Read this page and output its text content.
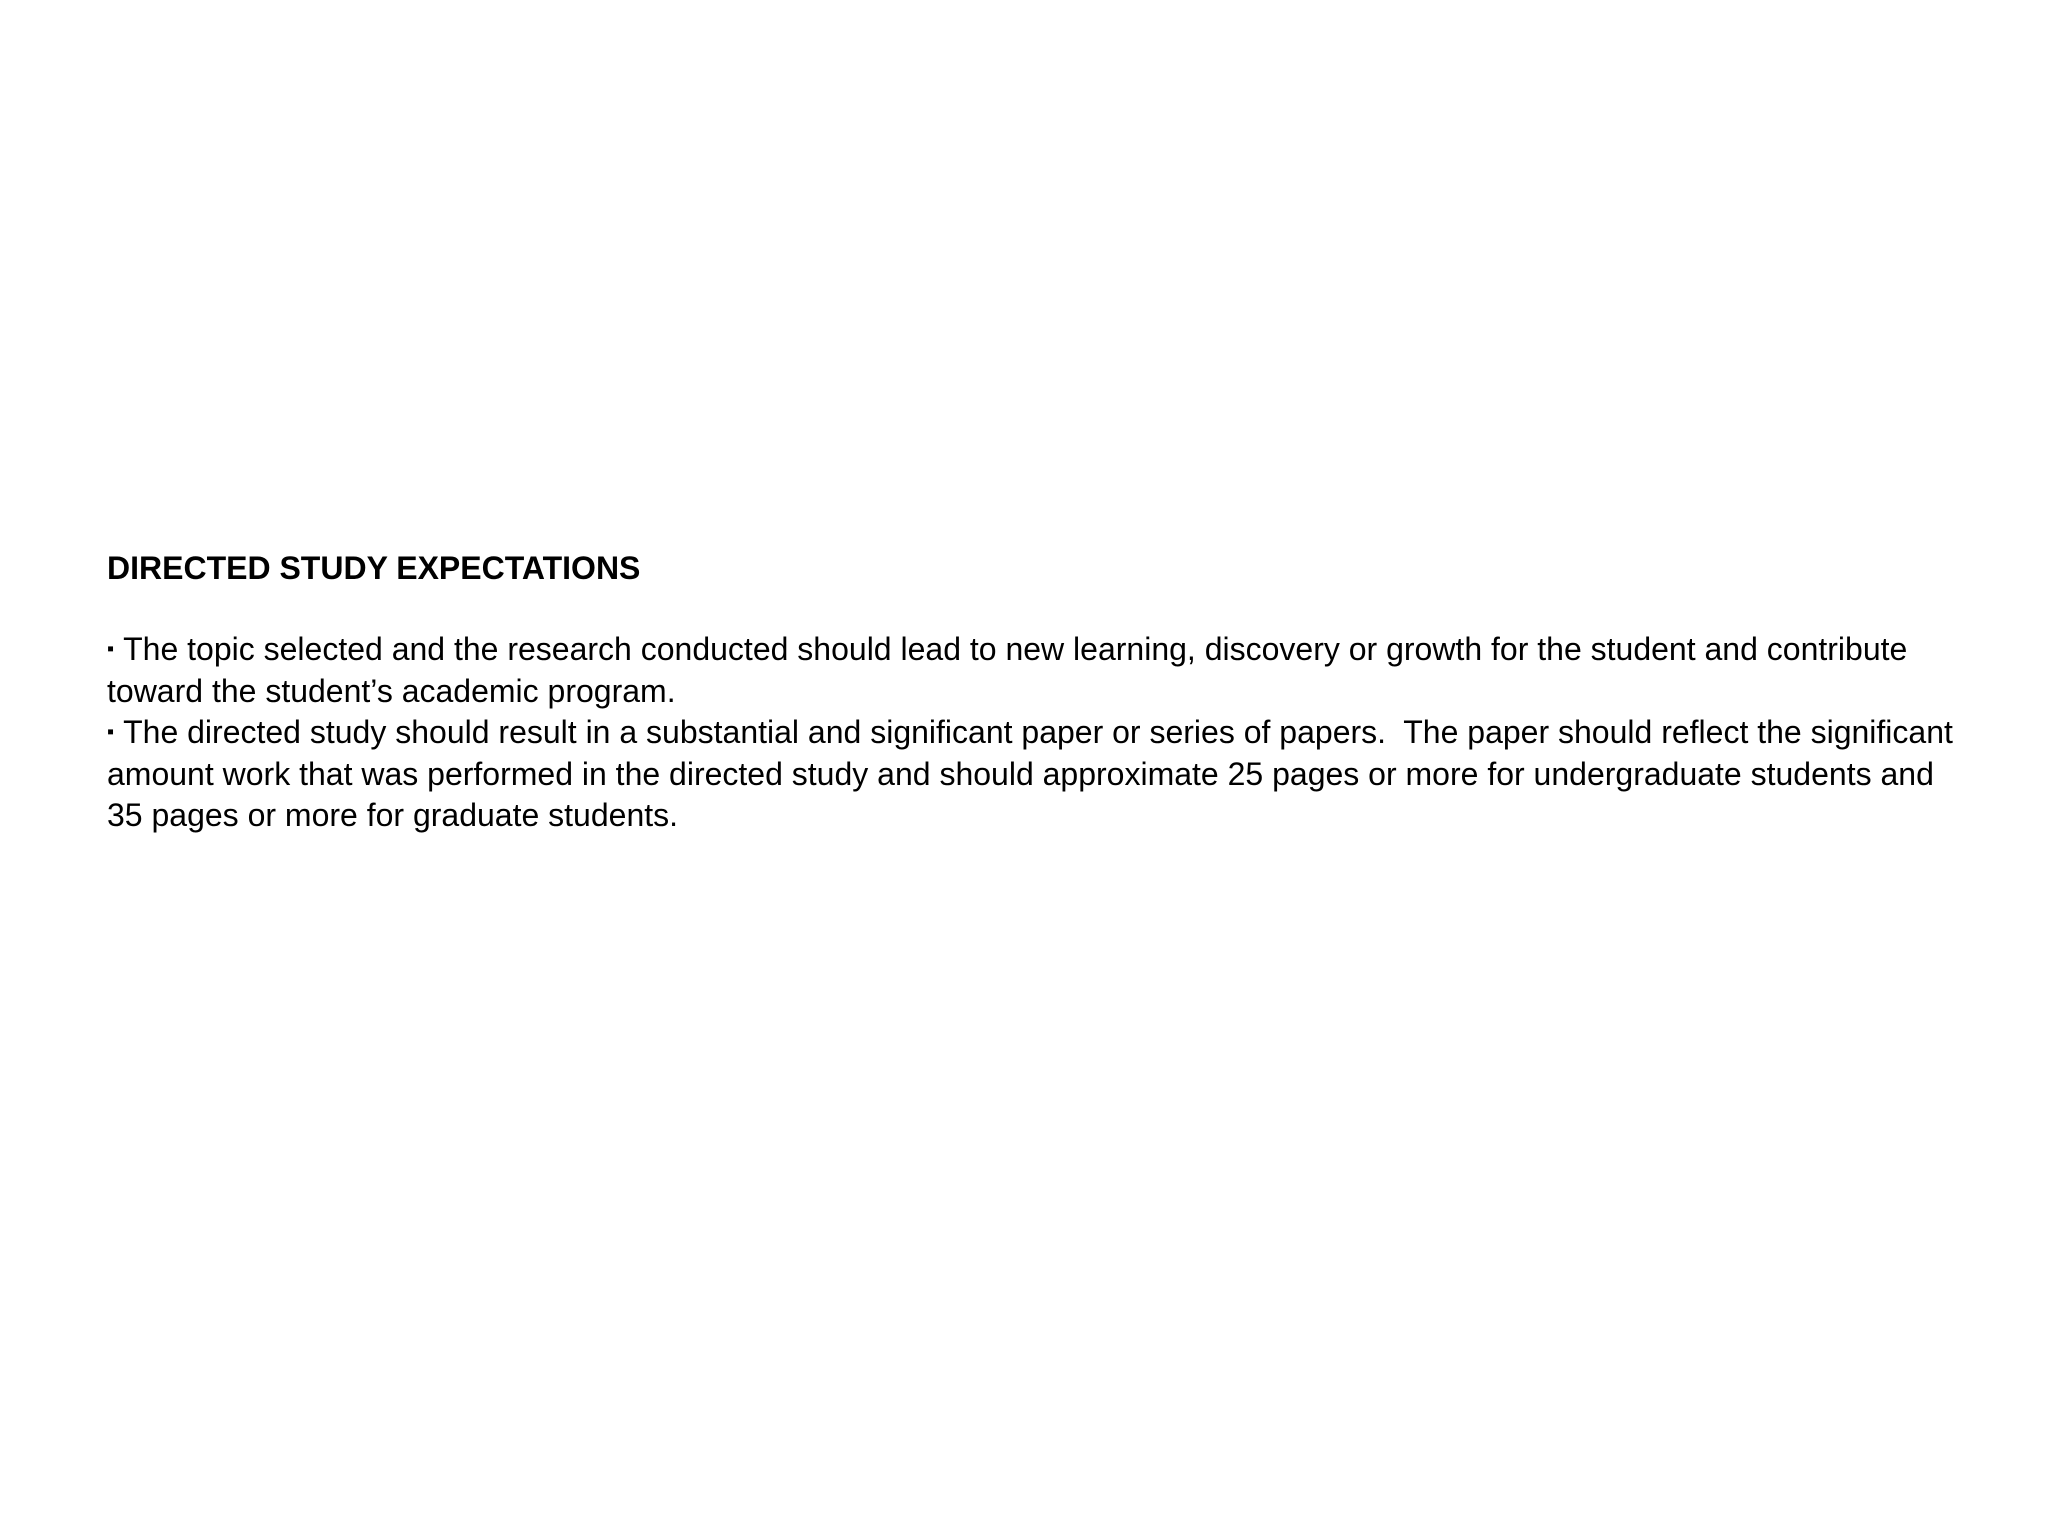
DIRECTED STUDY EXPECTATIONS
▪ The topic selected and the research conducted should lead to new learning, discovery or growth for the student and contribute toward the student’s academic program.
▪ The directed study should result in a substantial and significant paper or series of papers.  The paper should reflect the significant amount work that was performed in the directed study and should approximate 25 pages or more for undergraduate students and 35 pages or more for graduate students.
